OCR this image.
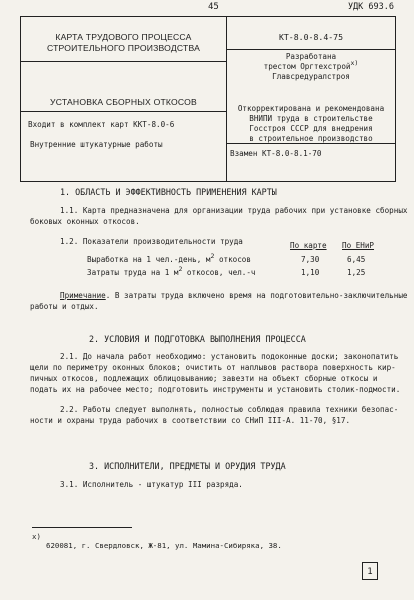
45	УДК 693.6
КАРТА ТРУДОВОГО ПРОЦЕССА
СТРОИТЕЛЬНОГО ПРОИЗВОДСТВА
УСТАНОВКА СБОРНЫХ ОТКОСОВ
Входит в комплект карт ККТ-8.0-6
Внутренние штукатурные работы
КТ-8.0-8.4-75
Разработана
трестом Оргтехстройх)
Главсредуралстроя
Откорректирована и рекомендована
ВНИПИ труда в строительстве
Госстроя СССР для внедрения
в строительное производство
Взамен КТ-8.0-8.1-70
1. ОБЛАСТЬ И ЭФФЕКТИВНОСТЬ ПРИМЕНЕНИЯ КАРТЫ
1.1. Карта предназначена для организации труда рабочих при установке сборных
боковых оконных откосов.
1.2. Показатели производительности труда	По карте По ЕНиР
Выработка на 1 чел.-день, м2 откосов	7,30	6,45
Затраты труда на 1 м2 откосов, чел.-ч	1,10	1,25
Примечание. В затраты труда включено время на подготовительно-заключительные
работы и отдых.
2. УСЛОВИЯ И ПОДГОТОВКА ВЫПОЛНЕНИЯ ПРОЦЕССА
2.1. До начала работ необходимо: установить подоконные доски; законопатить
щели по периметру оконных блоков; очистить от наплывов раствора поверхность кир-
пичных откосов, подлежащих облицовыванию; завезти на объект сборные откосы и
подать их на рабочее место; подготовить инструменты и установить столик-подмости.
2.2. Работы следует выполнять, полностью соблюдая правила техники безопас-
ности и охраны труда рабочих в соответствии со СНиП III-А. 11-70, §17.
3. ИСПОЛНИТЕЛИ, ПРЕДМЕТЫ И ОРУДИЯ ТРУДА
3.1. Исполнитель - штукатур III разряда.
х)
620081, г. Свердловск, Ж-81, ул. Мамина-Сибиряка, 38.
1
